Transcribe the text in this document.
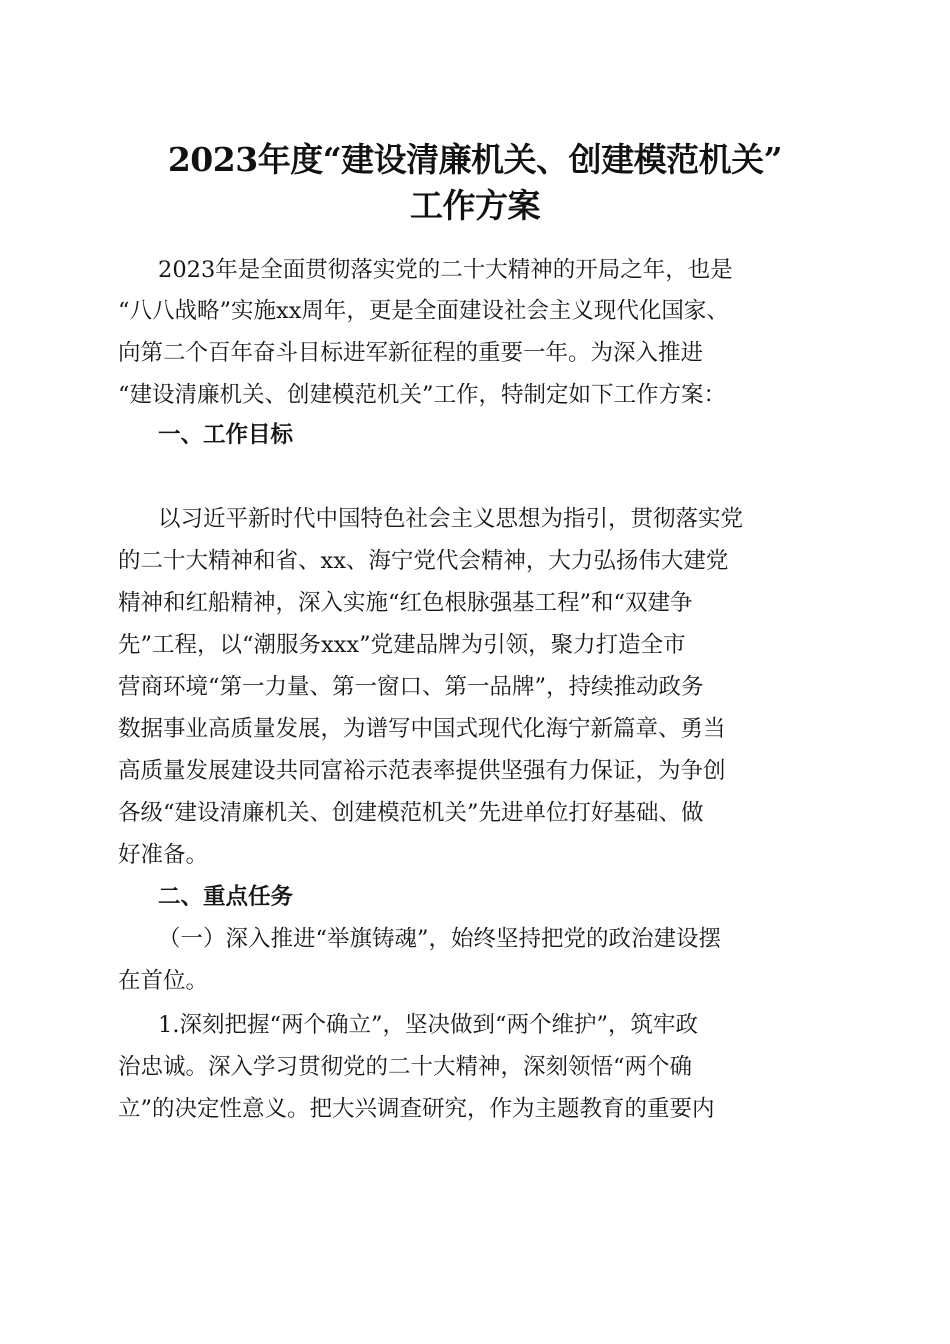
2023年度“建设清廉机关、创建模范机关”
工作方案
2023年是全面贯彻落实党的二十大精神的开局之年，也是
“八八战略”实施xx周年，更是全面建设社会主义现代化国家、
向第二个百年奋斗目标进军新征程的重要一年。为深入推进
“建设清廉机关、创建模范机关”工作，特制定如下工作方案：
一、工作目标
以习近平新时代中国特色社会主义思想为指引，贯彻落实党
的二十大精神和省、xx、海宁党代会精神，大力弘扬伟大建党
精神和红船精神，深入实施“红色根脉强基工程”和“双建争
先”工程，以“潮服务xxx”党建品牌为引领，聚力打造全市
营商环境“第一力量、第一窗口、第一品牌”，持续推动政务
数据事业高质量发展，为谱写中国式现代化海宁新篇章、勇当
高质量发展建设共同富裕示范表率提供坚强有力保证，为争创
各级“建设清廉机关、创建模范机关”先进单位打好基础、做
好准备。
二、重点任务
（一）深入推进“举旗铸魂”，始终坚持把党的政治建设摆
在首位。
1.深刻把握“两个确立”，坚决做到“两个维护”，筑牢政
治忠诚。深入学习贯彻党的二十大精神，深刻领悟“两个确
立”的决定性意义。把大兴调查研究，作为主题教育的重要内
